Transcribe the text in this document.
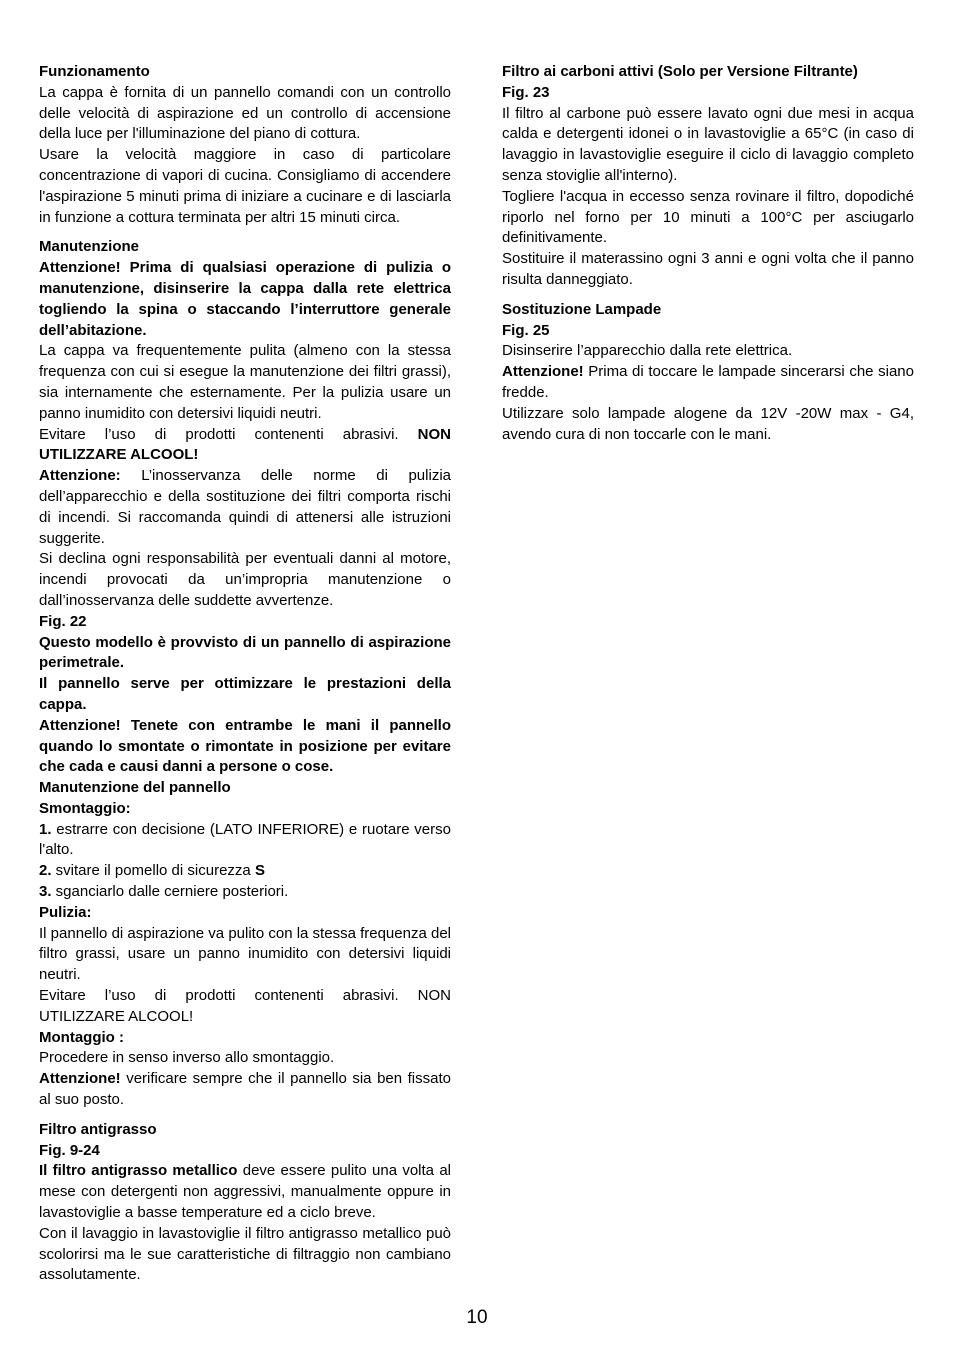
Funzionamento

La cappa è fornita di un pannello comandi con un controllo delle velocità di aspirazione ed un controllo di accensione della luce per l'illuminazione del piano di cottura.

Usare la velocità maggiore in caso di particolare concentrazione di vapori di cucina. Consigliamo di accendere l'aspirazione 5 minuti prima di iniziare a cucinare e di lasciarla in funzione a cottura terminata per altri 15 minuti circa.

Manutenzione

Attenzione! Prima di qualsiasi operazione di pulizia o manutenzione, disinserire la cappa dalla rete elettrica togliendo la spina o staccando l’interruttore generale dell’abitazione.

La cappa va frequentemente pulita (almeno con la stessa frequenza con cui si esegue la manutenzione dei filtri grassi), sia internamente che esternamente. Per la pulizia usare un panno inumidito con detersivi liquidi neutri.

Evitare l’uso di prodotti contenenti abrasivi. NON UTILIZZARE ALCOOL!

Attenzione: L’inosservanza delle norme di pulizia dell’apparecchio e della sostituzione dei filtri comporta rischi di incendi. Si raccomanda quindi di attenersi alle istruzioni suggerite.

Si declina ogni responsabilità per eventuali danni al motore, incendi provocati da un’impropria manutenzione o dall’inosservanza delle suddette avvertenze.

Fig. 22

Questo modello è provvisto di un pannello di aspirazione perimetrale.

Il pannello serve per ottimizzare le prestazioni della cappa.

Attenzione! Tenete con entrambe le mani il pannello quando lo smontate o rimontate in posizione per evitare che cada e causi danni a persone o cose.

Manutenzione del pannello

Smontaggio:

1. estrarre con decisione (LATO INFERIORE) e ruotare verso l'alto.

2. svitare il pomello di sicurezza S

3. sganciarlo dalle cerniere posteriori.

Pulizia:

Il pannello di aspirazione va pulito con la stessa frequenza del filtro grassi, usare un panno inumidito con detersivi liquidi neutri.

Evitare l’uso di prodotti contenenti abrasivi. NON UTILIZZARE ALCOOL!

Montaggio :

Procedere in senso inverso allo smontaggio.

Attenzione! verificare sempre che il pannello sia ben fissato al suo posto.

Filtro antigrasso

Fig. 9-24

Il filtro antigrasso metallico deve essere pulito una volta al mese con detergenti non aggressivi, manualmente oppure in lavastoviglie a basse temperature ed a ciclo breve.

Con il lavaggio in lavastoviglie il filtro antigrasso metallico può scolorirsi ma le sue caratteristiche di filtraggio non cambiano assolutamente.

Filtro ai carboni attivi (Solo per Versione Filtrante)

Fig. 23

Il filtro al carbone può essere lavato ogni due mesi in acqua calda e detergenti idonei o in lavastoviglie a 65°C (in caso di lavaggio in lavastoviglie eseguire il ciclo di lavaggio completo senza stoviglie all'interno).

Togliere l'acqua in eccesso senza rovinare il filtro, dopodiché riporlo nel forno per 10 minuti a 100°C per asciugarlo definitivamente.

Sostituire il materassino ogni 3 anni e ogni volta che il panno risulta danneggiato.

Sostituzione Lampade

Fig. 25

Disinserire l’apparecchio dalla rete elettrica.

Attenzione! Prima di toccare le lampade sincerarsi che siano fredde.

Utilizzare solo lampade alogene da 12V -20W max - G4, avendo cura di non toccarle con le mani.

10
